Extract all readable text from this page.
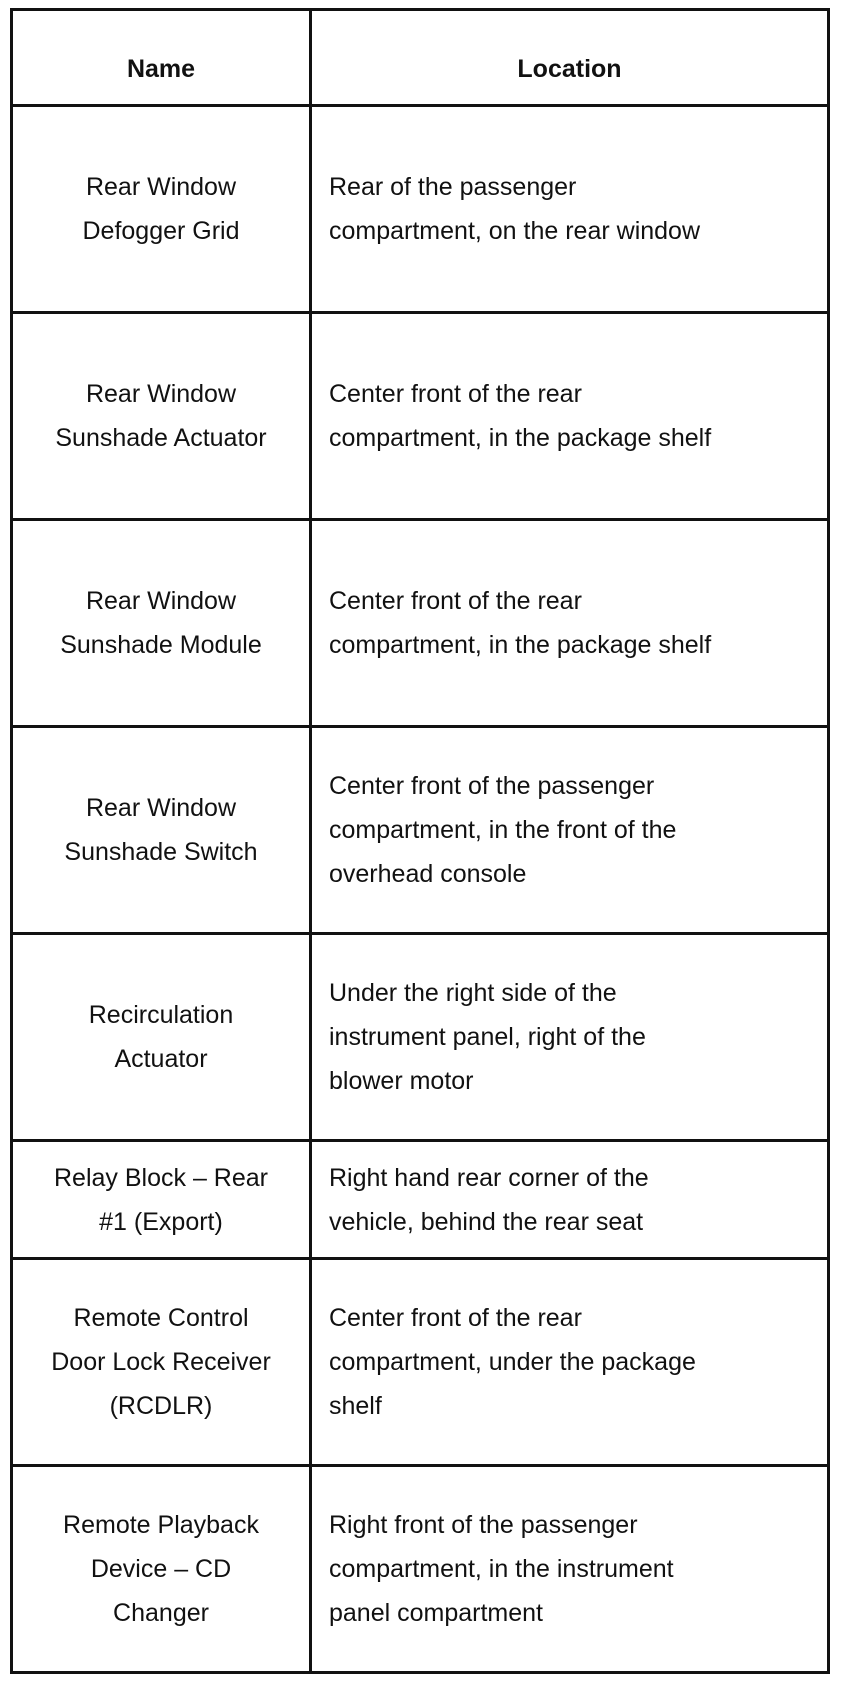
Name	Location

Rear Window
Defogger Grid	Rear of the passenger
compartment, on the rear window

Rear Window
Sunshade Actuator	Center front of the rear
compartment, in the package shelf

Rear Window
Sunshade Module	Center front of the rear
compartment, in the package shelf

Rear Window
Sunshade Switch	Center front of the passenger
compartment, in the front of the
overhead console

Recirculation
Actuator	Under the right side of the
instrument panel, right of the
blower motor

Relay Block – Rear
#1 (Export)	Right hand rear corner of the
vehicle, behind the rear seat

Remote Control
Door Lock Receiver
(RCDLR)	Center front of the rear
compartment, under the package
shelf

Remote Playback
Device – CD
Changer	Right front of the passenger
compartment, in the instrument
panel compartment
